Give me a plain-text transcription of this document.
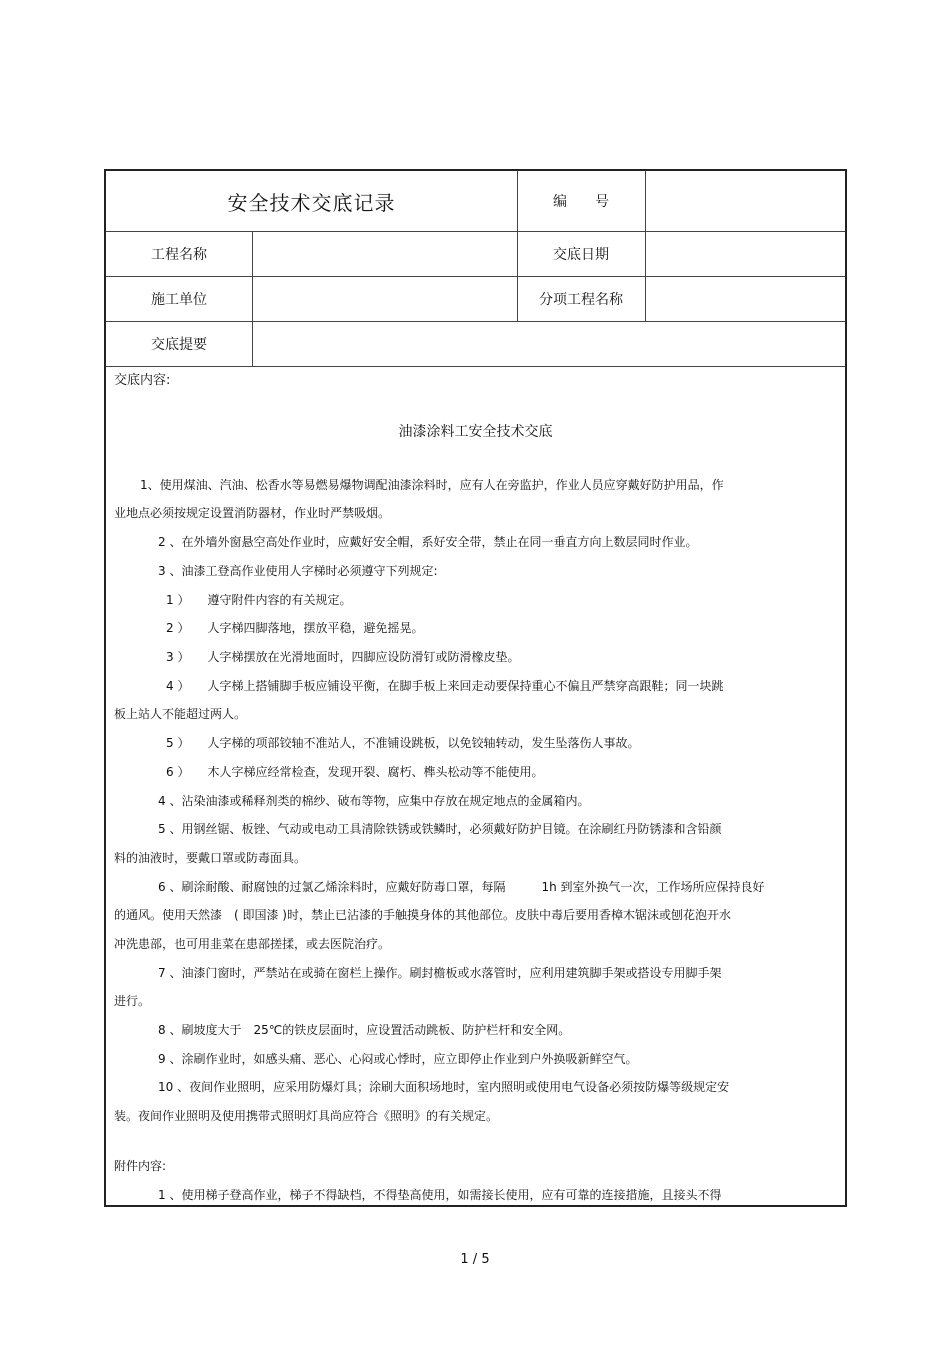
安全技术交底记录	编　　号
工程名称	交底日期
施工单位	分项工程名称
交底提要
交底内容:
油漆涂料工安全技术交底
1、使用煤油、汽油、松香水等易燃易爆物调配油漆涂料时，应有人在旁监护，作业人员应穿戴好防护用品，作
业地点必须按规定设置消防器材，作业时严禁吸烟。
2 、在外墙外窗悬空高处作业时，应戴好安全帽，系好安全带，禁止在同一垂直方向上数层同时作业。
3 、油漆工登高作业使用人字梯时必须遵守下列规定:
1 ）　　遵守附件内容的有关规定。
2 ）　　人字梯四脚落地，摆放平稳，避免摇晃。
3 ）　　人字梯摆放在光滑地面时，四脚应设防滑钉或防滑橡皮垫。
4 ）　　人字梯上搭铺脚手板应铺设平衡，在脚手板上来回走动要保持重心不偏且严禁穿高跟鞋；同一块跳
板上站人不能超过两人。
5 ）　　人字梯的项部铰轴不准站人，不准铺设跳板，以免铰轴转动，发生坠落伤人事故。
6 ）　　木人字梯应经常检查，发现开裂、腐朽、榫头松动等不能使用。
4 、沾染油漆或稀释剂类的棉纱、破布等物，应集中存放在规定地点的金属箱内。
5 、用钢丝锯、板锉、气动或电动工具清除铁锈或铁鳞时，必须戴好防护目镜。在涂刷红丹防锈漆和含铅颜
料的油液时，要戴口罩或防毒面具。
6 、刷涂耐酸、耐腐蚀的过氯乙烯涂料时，应戴好防毒口罩，每隔　　　1h 到室外换气一次，工作场所应保持良好
的通风。使用天然漆　( 即国漆 )时，禁止已沾漆的手触摸身体的其他部位。皮肤中毒后要用香樟木锯沫或刨花泡开水
冲洗患部，也可用韭菜在患部搓揉，或去医院治疗。
7 、油漆门窗时，严禁站在或骑在窗栏上操作。刷封檐板或水落管时，应利用建筑脚手架或搭设专用脚手架
进行。
8 、刷坡度大于　25℃的铁皮层面时，应设置活动跳板、防护栏杆和安全网。
9 、涂刷作业时，如感头痛、恶心、心闷或心悸时，应立即停止作业到户外换吸新鲜空气。
10 、夜间作业照明，应采用防爆灯具；涂刷大面积场地时，室内照明或使用电气设备必须按防爆等级规定安
装。夜间作业照明及使用携带式照明灯具尚应符合《照明》的有关规定。
附件内容:
1 、使用梯子登高作业，梯子不得缺档，不得垫高使用，如需接长使用，应有可靠的连接措施，且接头不得
1 / 5
